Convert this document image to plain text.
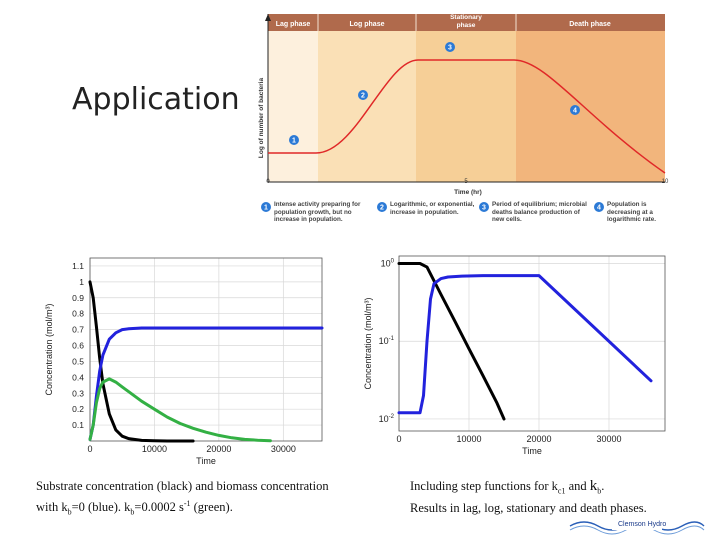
Application
Lag phase	Log phase
Stationary phase	Death phase
Log of number of bacteria
0	5	10
Time (hr)
1
2
3
4
1 Intense activity preparing for population growth, but no increase in population.
2 Logarithmic, or exponential, increase in population.
3 Period of equilibrium; microbial deaths balance production of new cells.
4 Population is decreasing at a logarithmic rate.
0	10000	20000	30000
0.1
0.2
0.3
0.4
0.5
0.6
0.7
0.8
0.9
1
1.1
Time
Concentration (mol/m³)
0	10000	20000	30000
$10^0$
$10^{-1}$
$10^{-2}$
Time
Concentration (mol/m³)
Substrate concentration (black) and biomass concentration
with $k_b=0$ (blue). $k_b=0.0002$ $s^{-1}$ (green).
Including step functions for $k_{c1}$ and $k_b$.
Results in lag, log, stationary and death phases.
Clemson Hydro
